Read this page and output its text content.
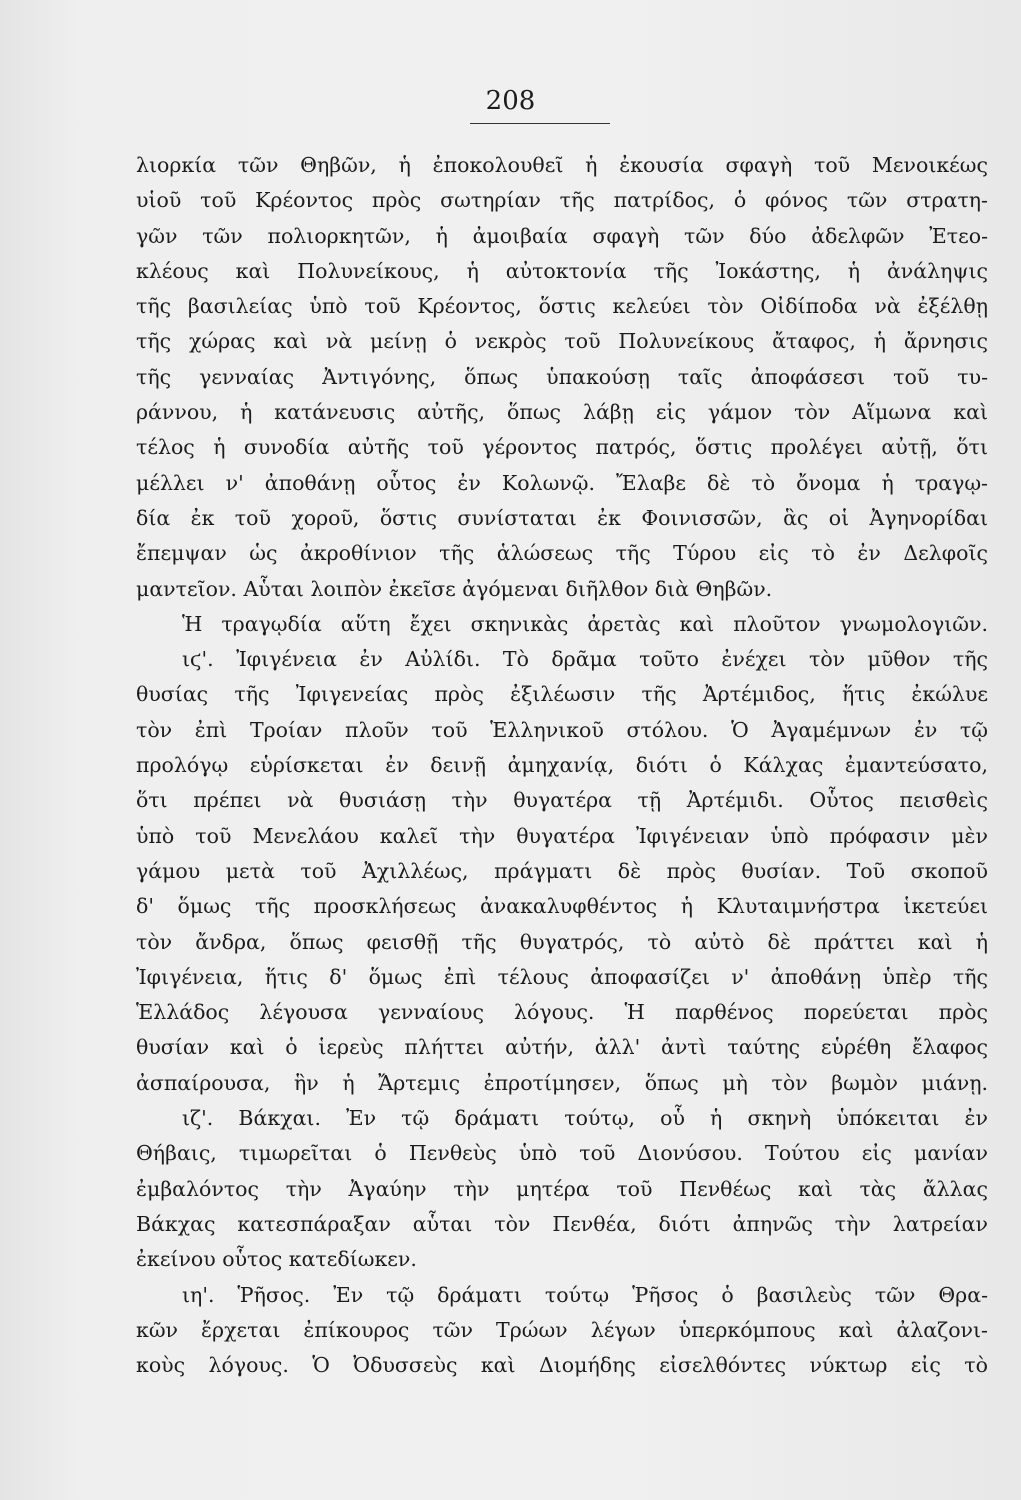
208
λιορκία τῶν Θηβῶν, ἡ ἐποκολουθεῖ ἡ ἐκουσία σφαγὴ τοῦ Μενοικέως
υἱοῦ τοῦ Κρέοντος πρὸς σωτηρίαν τῆς πατρίδος, ὁ φόνος τῶν στρατη-
γῶν τῶν πολιορκητῶν, ἡ ἀμοιβαία σφαγὴ τῶν δύο ἀδελφῶν Ἐτεο-
κλέους καὶ Πολυνείκους, ἡ αὐτοκτονία τῆς Ἰοκάστης, ἡ ἀνάληψις
τῆς βασιλείας ὑπὸ τοῦ Κρέοντος, ὅστις κελεύει τὸν Οἰδίποδα νὰ ἐξέλθῃ
τῆς χώρας καὶ νὰ μείνῃ ὁ νεκρὸς τοῦ Πολυνείκους ἄταφος, ἡ ἄρνησις
τῆς γενναίας Ἀντιγόνης, ὅπως ὑπακούσῃ ταῖς ἀποφάσεσι τοῦ τυ-
ράννου, ἡ κατάνευσις αὐτῆς, ὅπως λάβῃ εἰς γάμον τὸν Αἵμωνα καὶ
τέλος ἡ συνοδία αὐτῆς τοῦ γέροντος πατρός, ὅστις προλέγει αὐτῇ, ὅτι
μέλλει ν' ἀποθάνῃ οὗτος ἐν Κολωνῷ. Ἔλαβε δὲ τὸ ὄνομα ἡ τραγῳ-
δία ἐκ τοῦ χοροῦ, ὅστις συνίσταται ἐκ Φοινισσῶν, ἃς οἱ Ἀγηνορίδαι
ἔπεμψαν ὡς ἀκροθίνιον τῆς ἁλώσεως τῆς Τύρου εἰς τὸ ἐν Δελφοῖς
μαντεῖον. Αὗται λοιπὸν ἐκεῖσε ἀγόμεναι διῆλθον διὰ Θηβῶν.
Ἡ τραγῳδία αὕτη ἔχει σκηνικὰς ἀρετὰς καὶ πλοῦτον γνωμολογιῶν.
ιϛ'. Ἰφιγένεια ἐν Αὐλίδι. Τὸ δρᾶμα τοῦτο ἐνέχει τὸν μῦθον τῆς
θυσίας τῆς Ἰφιγενείας πρὸς ἐξιλέωσιν τῆς Ἀρτέμιδος, ἥτις ἐκώλυε
τὸν ἐπὶ Τροίαν πλοῦν τοῦ Ἑλληνικοῦ στόλου. Ὁ Ἀγαμέμνων ἐν τῷ
προλόγῳ εὑρίσκεται ἐν δεινῇ ἀμηχανίᾳ, διότι ὁ Κάλχας ἐμαντεύσατο,
ὅτι πρέπει νὰ θυσιάσῃ τὴν θυγατέρα τῇ Ἀρτέμιδι. Οὗτος πεισθεὶς
ὑπὸ τοῦ Μενελάου καλεῖ τὴν θυγατέρα Ἰφιγένειαν ὑπὸ πρόφασιν μὲν
γάμου μετὰ τοῦ Ἀχιλλέως, πράγματι δὲ πρὸς θυσίαν. Τοῦ σκοποῦ
δ' ὅμως τῆς προσκλήσεως ἀνακαλυφθέντος ἡ Κλυταιμνήστρα ἱκετεύει
τὸν ἄνδρα, ὅπως φεισθῇ τῆς θυγατρός, τὸ αὐτὸ δὲ πράττει καὶ ἡ
Ἰφιγένεια, ἥτις δ' ὅμως ἐπὶ τέλους ἀποφασίζει ν' ἀποθάνῃ ὑπὲρ τῆς
Ἑλλάδος λέγουσα γενναίους λόγους. Ἡ παρθένος πορεύεται πρὸς
θυσίαν καὶ ὁ ἱερεὺς πλήττει αὐτήν, ἀλλ' ἀντὶ ταύτης εὑρέθη ἔλαφος
ἀσπαίρουσα, ἣν ἡ Ἄρτεμις ἐπροτίμησεν, ὅπως μὴ τὸν βωμὸν μιάνῃ.
ιζ'. Βάκχαι. Ἐν τῷ δράματι τούτῳ, οὗ ἡ σκηνὴ ὑπόκειται ἐν
Θήβαις, τιμωρεῖται ὁ Πενθεὺς ὑπὸ τοῦ Διονύσου. Τούτου εἰς μανίαν
ἐμβαλόντος τὴν Ἀγαύην τὴν μητέρα τοῦ Πενθέως καὶ τὰς ἄλλας
Βάκχας κατεσπάραξαν αὗται τὸν Πενθέα, διότι ἀπηνῶς τὴν λατρείαν
ἐκείνου οὗτος κατεδίωκεν.
ιη'. Ῥῆσος. Ἐν τῷ δράματι τούτῳ Ῥῆσος ὁ βασιλεὺς τῶν Θρα-
κῶν ἔρχεται ἐπίκουρος τῶν Τρώων λέγων ὑπερκόμπους καὶ ἀλαζονι-
κοὺς λόγους. Ὁ Ὀδυσσεὺς καὶ Διομήδης εἰσελθόντες νύκτωρ εἰς τὸ
